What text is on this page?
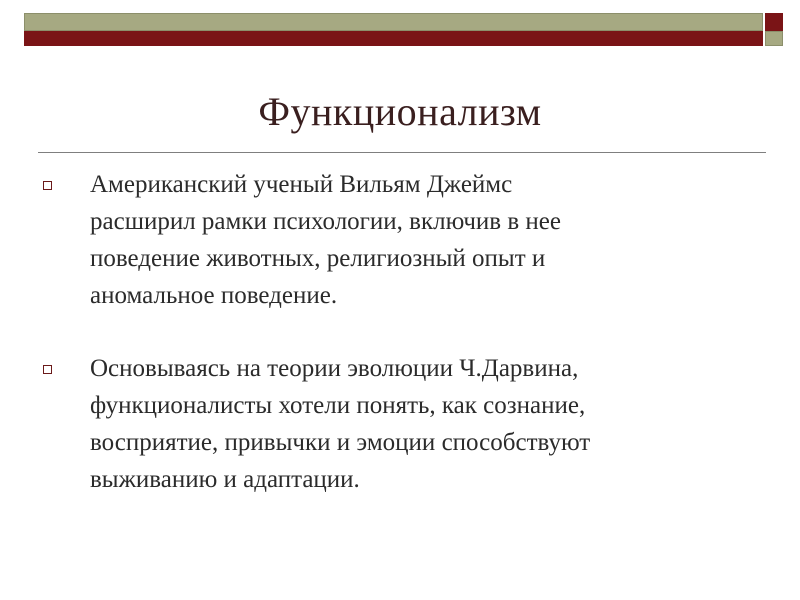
Функционализм
Американский ученый Вильям Джеймс
расширил рамки психологии, включив в нее
поведение животных, религиозный опыт и
аномальное поведение.
Основываясь на теории эволюции Ч.Дарвина,
функционалисты хотели понять, как сознание,
восприятие, привычки и эмоции способствуют
выживанию и адаптации.
